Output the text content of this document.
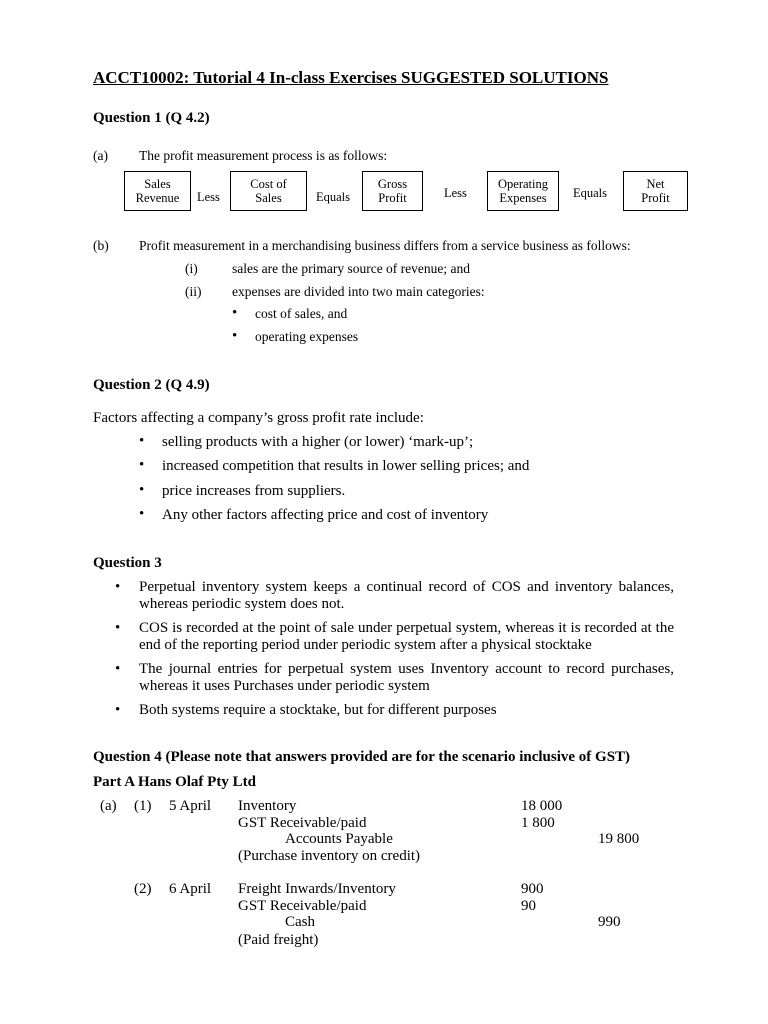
ACCT10002: Tutorial 4 In-class Exercises SUGGESTED SOLUTIONS
Question 1 (Q 4.2)
(a) The profit measurement process is as follows:
Sales
Revenue	Less
Cost of
Sales	Equals
Gross
Profit	Less
Operating
Expenses	Equals
Net
Profit
(b) Profit measurement in a merchandising business differs from a service business as follows:
(i)	sales are the primary source of revenue; and
(ii) expenses are divided into two main categories:
• cost of sales, and
• operating expenses
Question 2 (Q 4.9)
Factors affecting a company’s gross profit rate include:
• selling products with a higher (or lower) ‘mark-up’;
• increased competition that results in lower selling prices; and
• price increases from suppliers.
• Any other factors affecting price and cost of inventory
Question 3
• Perpetual inventory system keeps a continual record of COS and inventory balances, whereas periodic system does not.
• COS is recorded at the point of sale under perpetual system, whereas it is recorded at the end of the reporting period under periodic system after a physical stocktake
• The journal entries for perpetual system uses Inventory account to record purchases, whereas it uses Purchases under periodic system
• Both systems require a stocktake, but for different purposes
Question 4 (Please note that answers provided are for the scenario inclusive of GST)
Part A Hans Olaf Pty Ltd
(a) (1) 5 April Inventory	18 000
GST Receivable/paid	1 800
Accounts Payable	19 800
(Purchase inventory on credit)
(2) 6 April Freight Inwards/Inventory	900
GST Receivable/paid	90
Cash	990
(Paid freight)
